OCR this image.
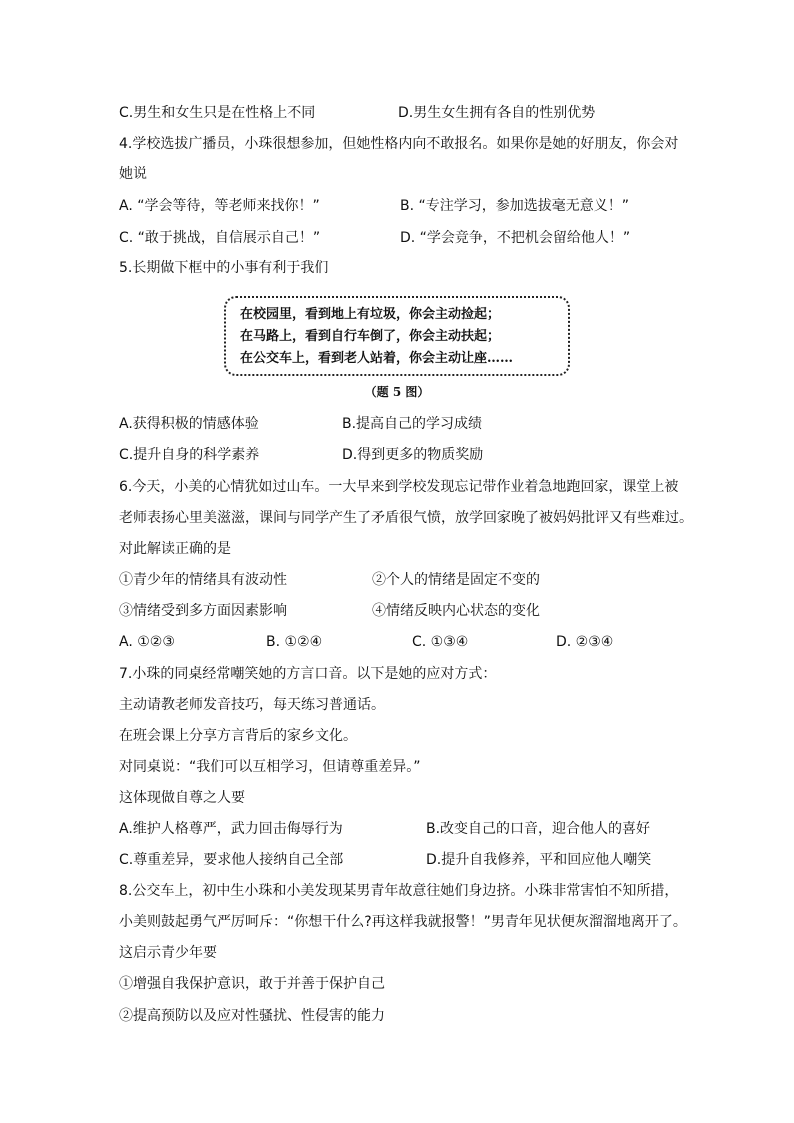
C.男生和女生只是在性格上不同	D.男生女生拥有各自的性别优势
4.学校选拔广播员，小珠很想参加，但她性格内向不敢报名。如果你是她的好朋友，你会对
她说
A. “学会等待，等老师来找你！”	B. “专注学习，参加选拔毫无意义！”
C. “敢于挑战，自信展示自己！”	D. “学会竞争，不把机会留给他人！”
5.长期做下框中的小事有利于我们
在校园里，看到地上有垃圾，你会主动捡起；
在马路上，看到自行车倒了，你会主动扶起；
在公交车上，看到老人站着，你会主动让座……
（题 5 图）
A.获得积极的情感体验	B.提高自己的学习成绩
C.提升自身的科学素养	D.得到更多的物质奖励
6.今天，小美的心情犹如过山车。一大早来到学校发现忘记带作业着急地跑回家，课堂上被
老师表扬心里美滋滋，课间与同学产生了矛盾很气愤，放学回家晚了被妈妈批评又有些难过。
对此解读正确的是
①青少年的情绪具有波动性	②个人的情绪是固定不变的
③情绪受到多方面因素影响	④情绪反映内心状态的变化
A. ①②③	B. ①②④	C. ①③④	D. ②③④
7.小珠的同桌经常嘲笑她的方言口音。以下是她的应对方式：
主动请教老师发音技巧，每天练习普通话。
在班会课上分享方言背后的家乡文化。
对同桌说：“我们可以互相学习，但请尊重差异。”
这体现做自尊之人要
A.维护人格尊严，武力回击侮辱行为	B.改变自己的口音，迎合他人的喜好
C.尊重差异，要求他人接纳自己全部	D.提升自我修养，平和回应他人嘲笑
8.公交车上，初中生小珠和小美发现某男青年故意往她们身边挤。小珠非常害怕不知所措，
小美则鼓起勇气严厉呵斥：“你想干什么?再这样我就报警！”男青年见状便灰溜溜地离开了。
这启示青少年要
①增强自我保护意识，敢于并善于保护自己
②提高预防以及应对性骚扰、性侵害的能力
